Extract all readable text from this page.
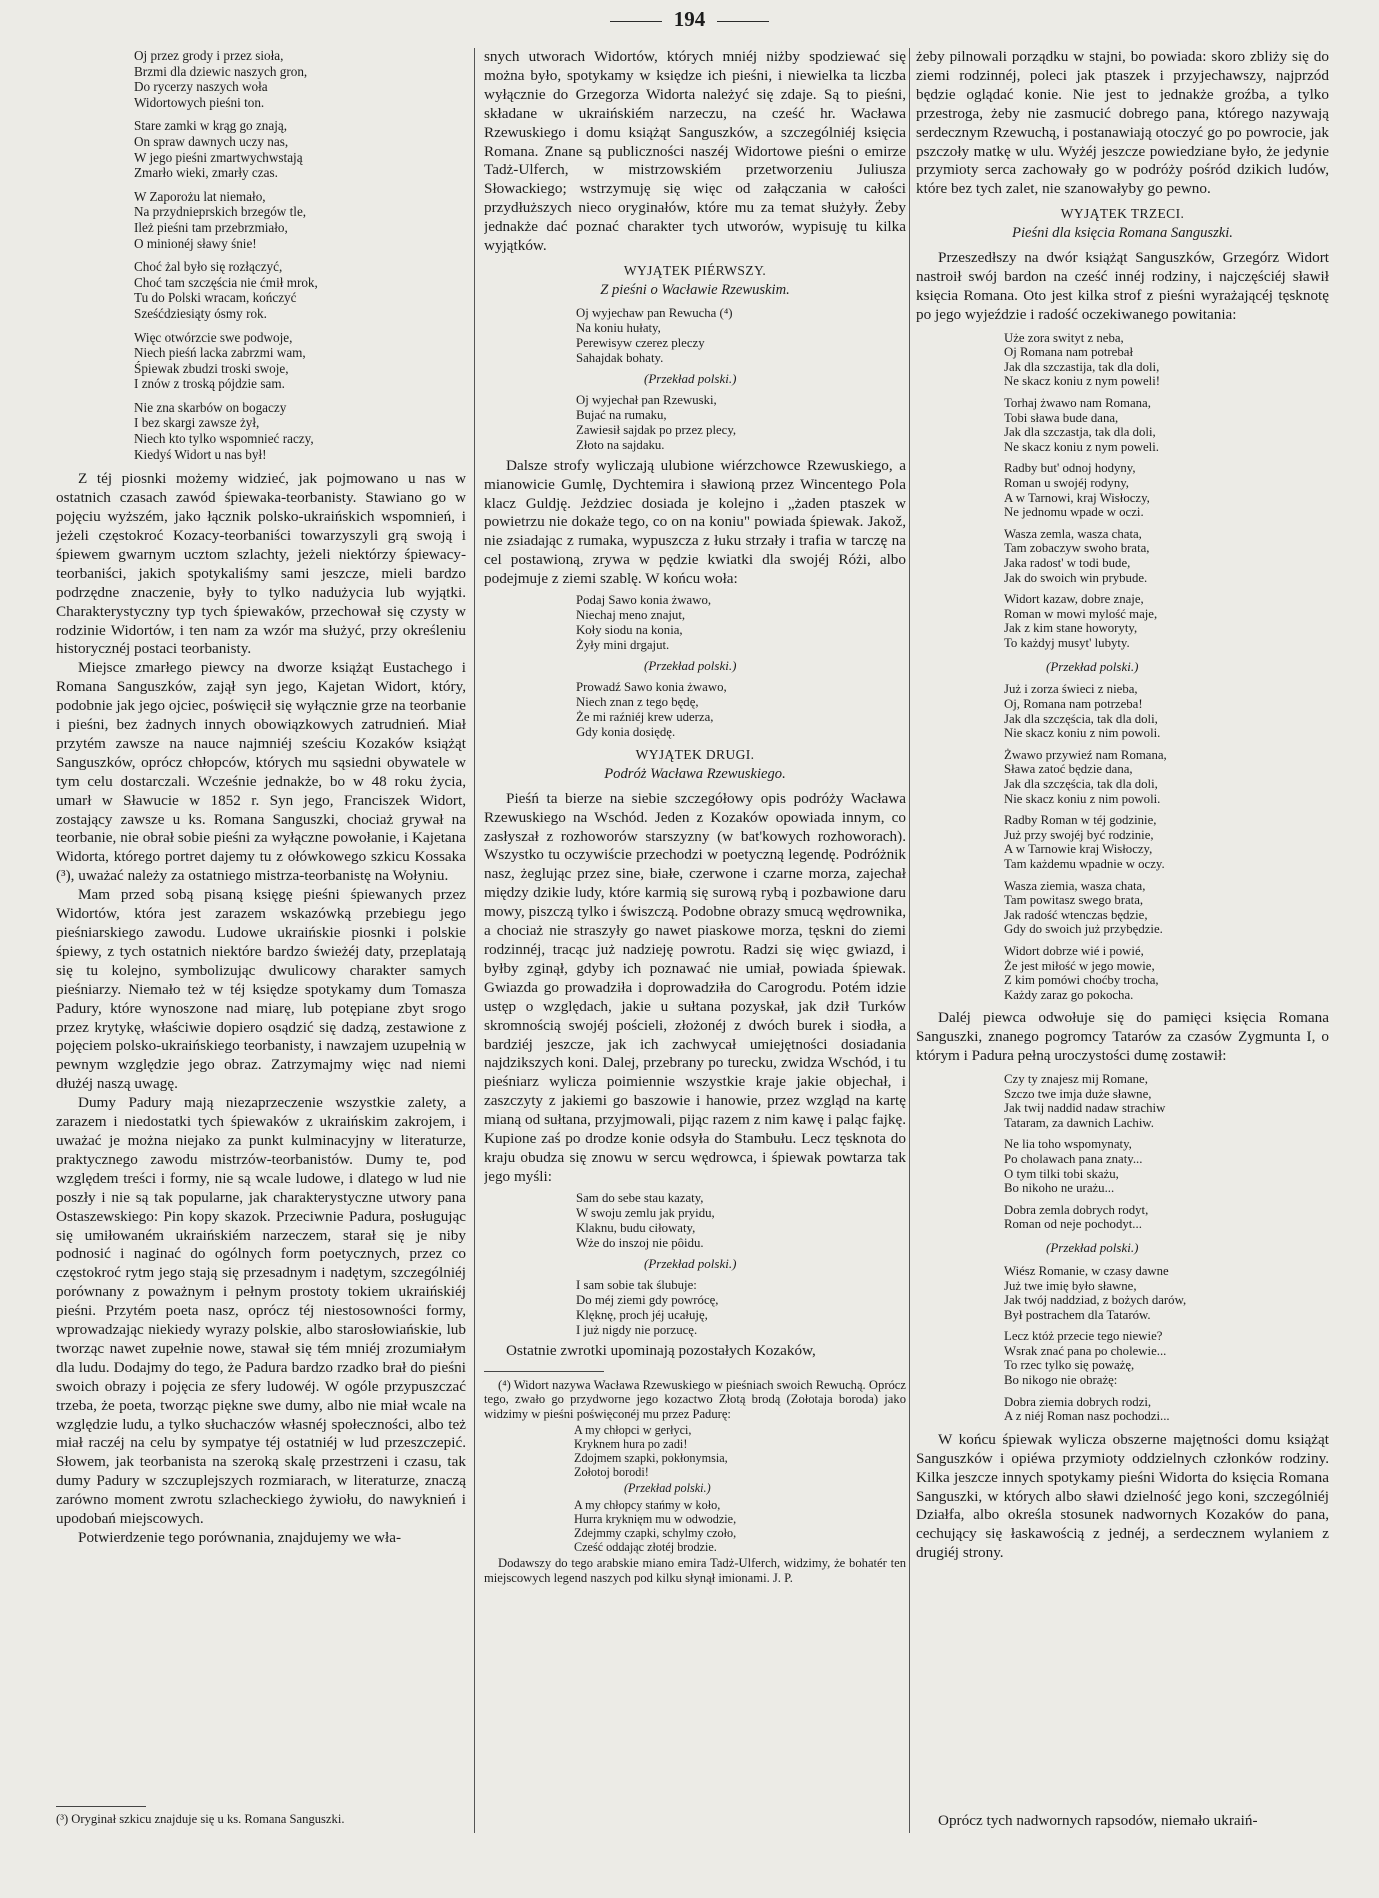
194
Oj przez grody i przez sioła,
Brzmi dla dziewic naszych gron,
Do rycerzy naszych woła
Widortowych pieśni ton.
Stare zamki w krąg go znają,
On spraw dawnych uczy nas,
W jego pieśni zmartwychwstają
Zmarło wieki, zmarły czas.
W Zaporożu lat niemało,
Na przydnieprskich brzegów tle,
Ileż pieśni tam przebrzmiało,
O minionéj sławy śnie!
Choć żal było się rozłączyć,
Choć tam szczęścia nie ćmił mrok,
Tu do Polski wracam, kończyć
Sześćdziesiąty ósmy rok.
Więc otwórzcie swe podwoje,
Niech pieśń lacka zabrzmi wam,
Śpiewak zbudzi troski swoje,
I znów z troską pójdzie sam.
Nie zna skarbów on bogaczy
I bez skargi zawsze żył,
Niech kto tylko wspomnieć raczy,
Kiedyś Widort u nas był!

Z téj piosnki możemy widzieć, jak pojmowano u nas w ostatnich czasach zawód śpiewaka-teorbanisty. Stawiano go w pojęciu wyższém, jako łącznik polsko-ukraińskich wspomnień, i jeżeli częstokroć Kozacy-teorbaniści towarzyszyli grą swoją i śpiewem gwarnym ucztom szlachty, jeżeli niektórzy śpiewacy-teorbaniści, jakich spotykaliśmy sami jeszcze, mieli bardzo podrzędne znaczenie, były to tylko nadużycia lub wyjątki. Charakterystyczny typ tych śpiewaków, przechował się czysty w rodzinie Widortów, i ten nam za wzór ma służyć, przy określeniu historycznéj postaci teorbanisty.

Miejsce zmarłego piewcy na dworze książąt Eustachego i Romana Sanguszków, zajął syn jego, Kajetan Widort, który, podobnie jak jego ojciec, poświęcił się wyłącznie grze na teorbanie i pieśni, bez żadnych innych obowiązkowych zatrudnień. Miał przytém zawsze na nauce najmniéj sześciu Kozaków książąt Sanguszków, oprócz chłopców, których mu sąsiedni obywatele w tym celu dostarczali. Wcześnie jednakże, bo w 48 roku życia, umarł w Sławucie w 1852 r. Syn jego, Franciszek Widort, zostający zawsze u ks. Romana Sanguszki, chociaż grywał na teorbanie, nie obrał sobie pieśni za wyłączne powołanie, i Kajetana Widorta, którego portret dajemy tu z ołówkowego szkicu Kossaka (³), uważać należy za ostatniego mistrza-teorbanistę na Wołyniu.

Mam przed sobą pisaną księgę pieśni śpiewanych przez Widortów, która jest zarazem wskazówką przebiegu jego pieśniarskiego zawodu. Ludowe ukraińskie piosnki i polskie śpiewy, z tych ostatnich niektóre bardzo świeżéj daty, przeplatają się tu kolejno, symbolizując dwulicowy charakter samych pieśniarzy. Niemało też w téj księdze spotykamy dum Tomasza Padury, które wynoszone nad miarę, lub potępiane zbyt srogo przez krytykę, właściwie dopiero osądzić się dadzą, zestawione z pojęciem polsko-ukraińskiego teorbanisty, i nawzajem uzupełnią w pewnym względzie jego obraz. Zatrzymajmy więc nad niemi dłużéj naszą uwagę.

Dumy Padury mają niezaprzeczenie wszystkie zalety, a zarazem i niedostatki tych śpiewaków z ukraińskim zakrojem, i uważać je można niejako za punkt kulminacyjny w literaturze, praktycznego zawodu mistrzów-teorbanistów. Dumy te, pod względem treści i formy, nie są wcale ludowe, i dlatego w lud nie poszły i nie są tak popularne, jak charakterystyczne utwory pana Ostaszewskiego: Pin kopy skazok. Przeciwnie Padura, posługując się umiłowaném ukraińskiém narzeczem, starał się je niby podnosić i naginać do ogólnych form poetycznych, przez co częstokroć rytm jego stają się przesadnym i nadętym, szczególniéj porównany z poważnym i pełnym prostoty tokiem ukraińskiéj pieśni. Przytém poeta nasz, oprócz téj niestosowności formy, wprowadzając niekiedy wyrazy polskie, albo starosłowiańskie, lub tworząc nawet zupełnie nowe, stawał się tém mniéj zrozumiałym dla ludu. Dodajmy do tego, że Padura bardzo rzadko brał do pieśni swoich obrazy i pojęcia ze sfery ludowéj. W ogóle przypuszczać trzeba, że poeta, tworząc piękne swe dumy, albo nie miał wcale na względzie ludu, a tylko słuchaczów własnéj społeczności, albo też miał raczéj na celu by sympatye téj ostatniéj w lud przeszczepić. Słowem, jak teorbanista na szeroką skalę przestrzeni i czasu, tak dumy Padury w szczuplejszych rozmiarach, w literaturze, znaczą zarówno moment zwrotu szlacheckiego żywiołu, do nawyknień i upodobań miejscowych.

Potwierdzenie tego porównania, znajdujemy we wła-

snych utworach Widortów, których mniéj niżby spodziewać się można było, spotykamy w księdze ich pieśni, i niewielka ta liczba wyłącznie do Grzegorza Widorta należyć się zdaje. Są to pieśni, składane w ukraińskiém narzeczu, na cześć hr. Wacława Rzewuskiego i domu książąt Sanguszków, a szczególniéj księcia Romana. Znane są publiczności naszéj Widortowe pieśni o emirze Tadż-Ulferch, w mistrzowskiém przetworzeniu Juliusza Słowackiego; wstrzymuję się więc od załączania w całości przydłuższych nieco oryginałów, które mu za temat służyły. Żeby jednakże dać poznać charakter tych utworów, wypisuję tu kilka wyjątków.

WYJĄTEK PIÉRWSZY.
Z pieśni o Wacławie Rzewuskim.
Oj wyjechaw pan Rewucha (⁴)
Na koniu hułaty,
Perewisyw czerez pleczy
Sahajdak bohaty.
(Przekład polski.)
Oj wyjechał pan Rzewuski,
Bujać na rumaku,
Zawiesił sajdak po przez plecy,
Złoto na sajdaku.

Dalsze strofy wyliczają ulubione wiérzchowce Rzewuskiego, a mianowicie Gumlę, Dychtemira i sławioną przez Wincentego Pola klacz Guldję. Jeżdziec dosiada je kolejno i „żaden ptaszek w powietrzu nie dokaże tego, co on na koniu" powiada śpiewak. Jakož, nie zsiadając z rumaka, wypuszcza z łuku strzały i trafia w tarczę na cel postawioną, zrywa w pędzie kwiatki dla swojéj Różi, albo podejmuje z ziemi szablę. W końcu woła:

Podaj Sawo konia żwawo,
Niechaj meno znajut,
Koły siodu na konia,
Żyły mini drgajut.
(Przekład polski.)
Prowadź Sawo konia żwawo,
Niech znan z tego będę,
Że mi raźniéj krew uderza,
Gdy konia dosiędę.
WYJĄTEK DRUGI.
Podróż Wacława Rzewuskiego.

Pieśń ta bierze na siebie szczegółowy opis podróży Wacława Rzewuskiego na Wschód. Jeden z Kozaków opowiada innym, co zasłyszał z rozhoworów starszyzny (w bat'kowych rozhoworach). Wszystko tu oczywiście przechodzi w poetyczną legendę. Podróżnik nasz, żeglując przez sine, białe, czerwone i czarne morza, zajechał między dzikie ludy, które karmią się surową rybą i pozbawione daru mowy, piszczą tylko i świszczą. Podobne obrazy smucą wędrownika, a chociaż nie straszyły go nawet piaskowe morza, tęskni do ziemi rodzinnéj, tracąc już nadzieję powrotu. Radzi się więc gwiazd, i byłby zginął, gdyby ich poznawać nie umiał, powiada śpiewak. Gwiazda go prowadziła i doprowadziła do Carogrodu. Potém idzie ustęp o względach, jakie u sułtana pozyskał, jak dził Turków skromnością swojéj pościeli, złożonéj z dwóch burek i siodła, a bardziéj jeszcze, jak ich zachwycał umiejętności dosiadania najdzikszych koni. Dalej, przebrany po turecku, zwidza Wschód, i tu pieśniarz wylicza poimiennie wszystkie kraje jakie objechał, i zaszczyty z jakiemi go baszowie i hanowie, przez wzgląd na kartę mianą od sułtana, przyjmowali, pijąc razem z nim kawę i paląc fajkę. Kupione zaś po drodze konie odsyła do Stambułu. Lecz tęsknota do kraju obudza się znowu w sercu wędrowca, i śpiewak powtarza tak jego myśli:

Sam do sebe stau kazaty,
W swoju zemlu jak pryidu,
Klaknu, budu ciłowaty,
Wże do inszoj nie pôidu.
(Przekład polski.)
I sam sobie tak ślubuje:
Do méj ziemi gdy powrócę,
Klęknę, proch jéj ucałuję,
I już nigdy nie porzucę.

Ostatnie zwrotki upominają pozostałych Kozaków,

(⁴) Widort nazywa Wacława Rzewuskiego w pieśniach swoich Rewuchą. Oprócz tego, zwało go przydworne jego kozactwo Złotą brodą (Zołotaja boroda) jako widzimy w pieśni poświęconéj mu przez Padurę:

A my chłopci w gerłyci,
Kryknem hura po zadi!
Zdojmem szapki, pokłonymsia,
Zołotoj borodi!
(Przekład polski.)
A my chłopcy stańmy w koło,
Hurra kryknięm mu w odwodzie,
Zdejmmy czapki, schylmy czoło,
Cześć oddając złotéj brodzie.

Dodawszy do tego arabskie miano emira Tadż-Ulferch, widzimy, że bohatér ten miejscowych legend naszych pod kilku słynął imionami. J. P.

żeby pilnowali porządku w stajni, bo powiada: skoro zbliży się do ziemi rodzinnéj, poleci jak ptaszek i przyjechawszy, najprzód będzie oglądać konie. Nie jest to jednakże groźba, a tylko przestroga, żeby nie zasmucić dobrego pana, którego nazywają serdecznym Rzewuchą, i postanawiają otoczyć go po powrocie, jak pszczoły matkę w ulu. Wyżéj jeszcze powiedziane było, że jedynie przymioty serca zachowały go w podróży pośród dzikich ludów, które bez tych zalet, nie szanowałyby go pewno.

WYJĄTEK TRZECI.
Pieśni dla księcia Romana Sanguszki.

Przeszedłszy na dwór książąt Sanguszków, Grzegórz Widort nastroił swój bardon na cześć innéj rodziny, i najczęściéj sławił księcia Romana. Oto jest kilka strof z pieśni wyrażającéj tęsknotę po jego wyjeździe i radość oczekiwanego powitania:

Uże zora swityt z neba,
Oj Romana nam potrebał
Jak dla szczastija, tak dla doli,
Ne skacz koniu z nym poweli!
Torhaj żwawo nam Romana,
Tobi sława bude dana,
Jak dla szczastja, tak dla doli,
Ne skacz koniu z nym poweli.
Radby but' odnoj hodyny,
Roman u swojéj rodyny,
A w Tarnowi, kraj Wisłoczy,
Ne jednomu wpade w oczi.
Wasza zemla, wasza chata,
Tam zobaczyw swoho brata,
Jaka radost' w todi bude,
Jak do swoich win prybude.
Widort kazaw, dobre znaje,
Roman w mowi mylość maje,
Jak z kim stane howoryty,
To każdyj musyt' lubyty.
(Przekład polski.)
Już i zorza świeci z nieba,
Oj, Romana nam potrzeba!
Jak dla szczęścia, tak dla doli,
Nie skacz koniu z nim powoli.
Żwawo przywieź nam Romana,
Sława zatoć będzie dana,
Jak dla szczęścia, tak dla doli,
Nie skacz koniu z nim powoli.
Radby Roman w téj godzinie,
Już przy swojéj być rodzinie,
A w Tarnowie kraj Wisłoczy,
Tam każdemu wpadnie w oczy.
Wasza ziemia, wasza chata,
Tam powitasz swego brata,
Jak radość wtenczas będzie,
Gdy do swoich już przybędzie.
Widort dobrze wié i powié,
Że jest miłość w jego mowie,
Z kim pomówi choćby trocha,
Każdy zaraz go pokocha.

Daléj piewca odwołuje się do pamięci księcia Romana Sanguszki, znanego pogromcy Tatarów za czasów Zygmunta I, o którym i Padura pełną uroczystości dumę zostawił:

Czy ty znajesz mij Romane,
Szczo twe imja duże sławne,
Jak twij naddid nadaw strachiw
Tataram, za dawnich Lachiw.
Ne lia toho wspomynaty,
Po cholawach pana znaty...
O tym tilki tobi skażu,
Bo nikoho ne urażu...
Dobra zemla dobrych rodyt,
Roman od neje pochodyt...
(Przekład polski.)
Wiész Romanie, w czasy dawne
Już twe imię było sławne,
Jak twój naddziad, z bożych darów,
Był postrachem dla Tatarów.
Lecz któż przecie tego niewie?
Wsrak znać pana po cholewie...
To rzec tylko się poważę,
Bo nikogo nie obrażę:
Dobra ziemia dobrych rodzi,
A z niéj Roman nasz pochodzi...

W końcu śpiewak wylicza obszerne majętności domu książąt Sanguszków i opiéwa przymioty oddzielnych członków rodziny. Kilka jeszcze innych spotykamy pieśni Widorta do księcia Romana Sanguszki, w których albo sławi dzielność jego koni, szczególniéj Działfa, albo określa stosunek nadwornych Kozaków do pana, cechujący się łaskawością z jednéj, a serdecznem wylaniem z drugiéj strony.

(³) Oryginał szkicu znajduje się u ks. Romana Sanguszki.	Oprócz tych nadwornych rapsodów, niemało ukraiń-
